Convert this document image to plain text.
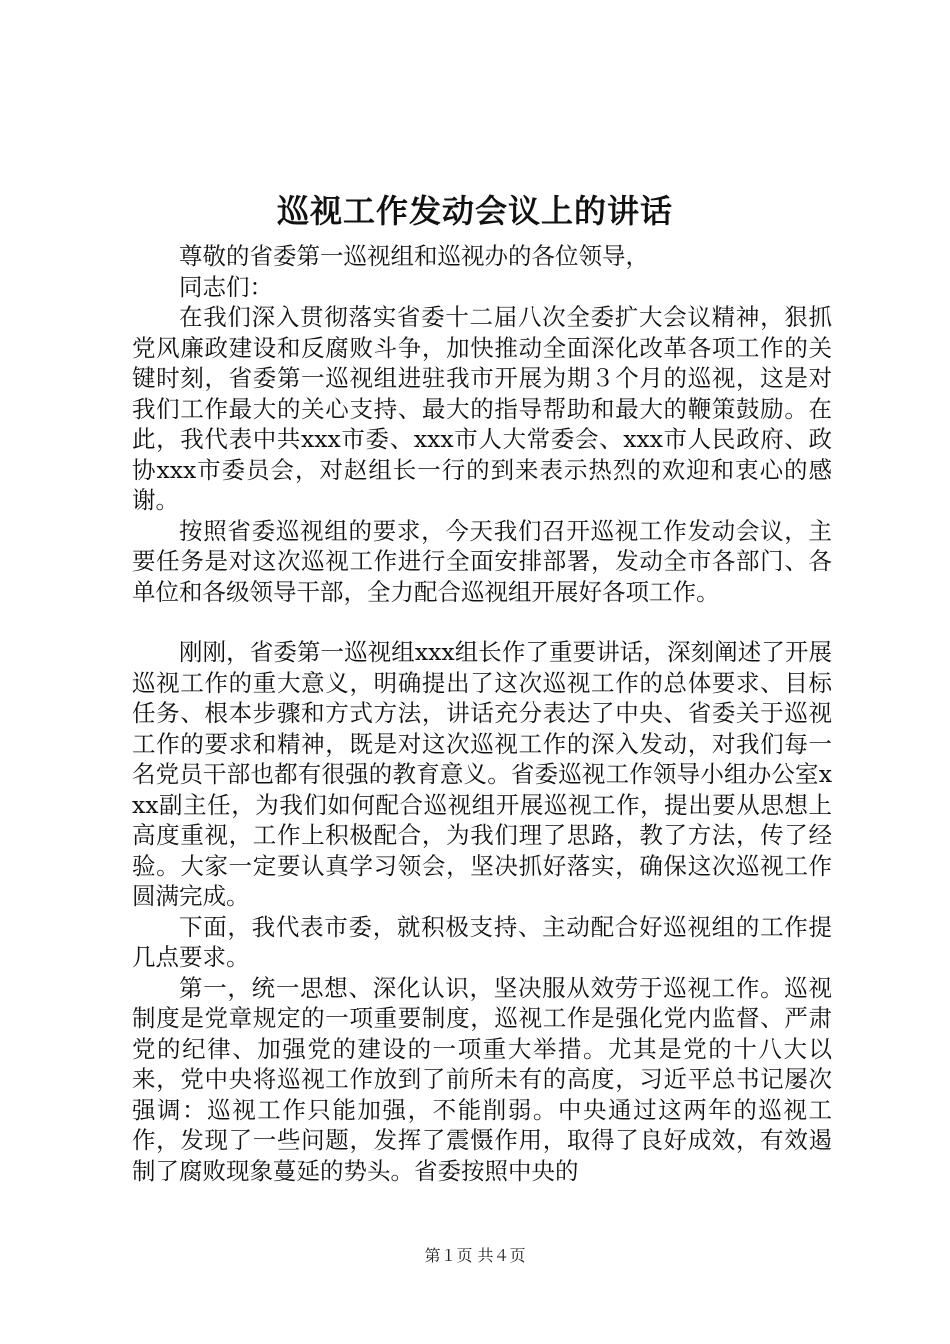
巡视工作发动会议上的讲话

尊敬的省委第一巡视组和巡视办的各位领导，

同志们：

在我们深入贯彻落实省委十二届八次全委扩大会议精神，狠抓党风廉政建设和反腐败斗争，加快推动全面深化改革各项工作的关键时刻，省委第一巡视组进驻我市开展为期３个月的巡视，这是对我们工作最大的关心支持、最大的指导帮助和最大的鞭策鼓励。在此，我代表中共xxx市委、xxx市人大常委会、xxx市人民政府、政协xxx市委员会，对赵组长一行的到来表示热烈的欢迎和衷心的感谢。

按照省委巡视组的要求，今天我们召开巡视工作发动会议，主要任务是对这次巡视工作进行全面安排部署，发动全市各部门、各单位和各级领导干部，全力配合巡视组开展好各项工作。

刚刚，省委第一巡视组xxx组长作了重要讲话，深刻阐述了开展巡视工作的重大意义，明确提出了这次巡视工作的总体要求、目标任务、根本步骤和方式方法，讲话充分表达了中央、省委关于巡视工作的要求和精神，既是对这次巡视工作的深入发动，对我们每一名党员干部也都有很强的教育意义。省委巡视工作领导小组办公室xxx副主任，为我们如何配合巡视组开展巡视工作，提出要从思想上高度重视，工作上积极配合，为我们理了思路，教了方法，传了经验。大家一定要认真学习领会，坚决抓好落实，确保这次巡视工作圆满完成。

下面，我代表市委，就积极支持、主动配合好巡视组的工作提几点要求。

第一，统一思想、深化认识，坚决服从效劳于巡视工作。巡视制度是党章规定的一项重要制度，巡视工作是强化党内监督、严肃党的纪律、加强党的建设的一项重大举措。尤其是党的十八大以来，党中央将巡视工作放到了前所未有的高度，习近平总书记屡次强调：巡视工作只能加强，不能削弱。中央通过这两年的巡视工作，发现了一些问题，发挥了震慑作用，取得了良好成效，有效遏制了腐败现象蔓延的势头。省委按照中央的

第１页 共４页
